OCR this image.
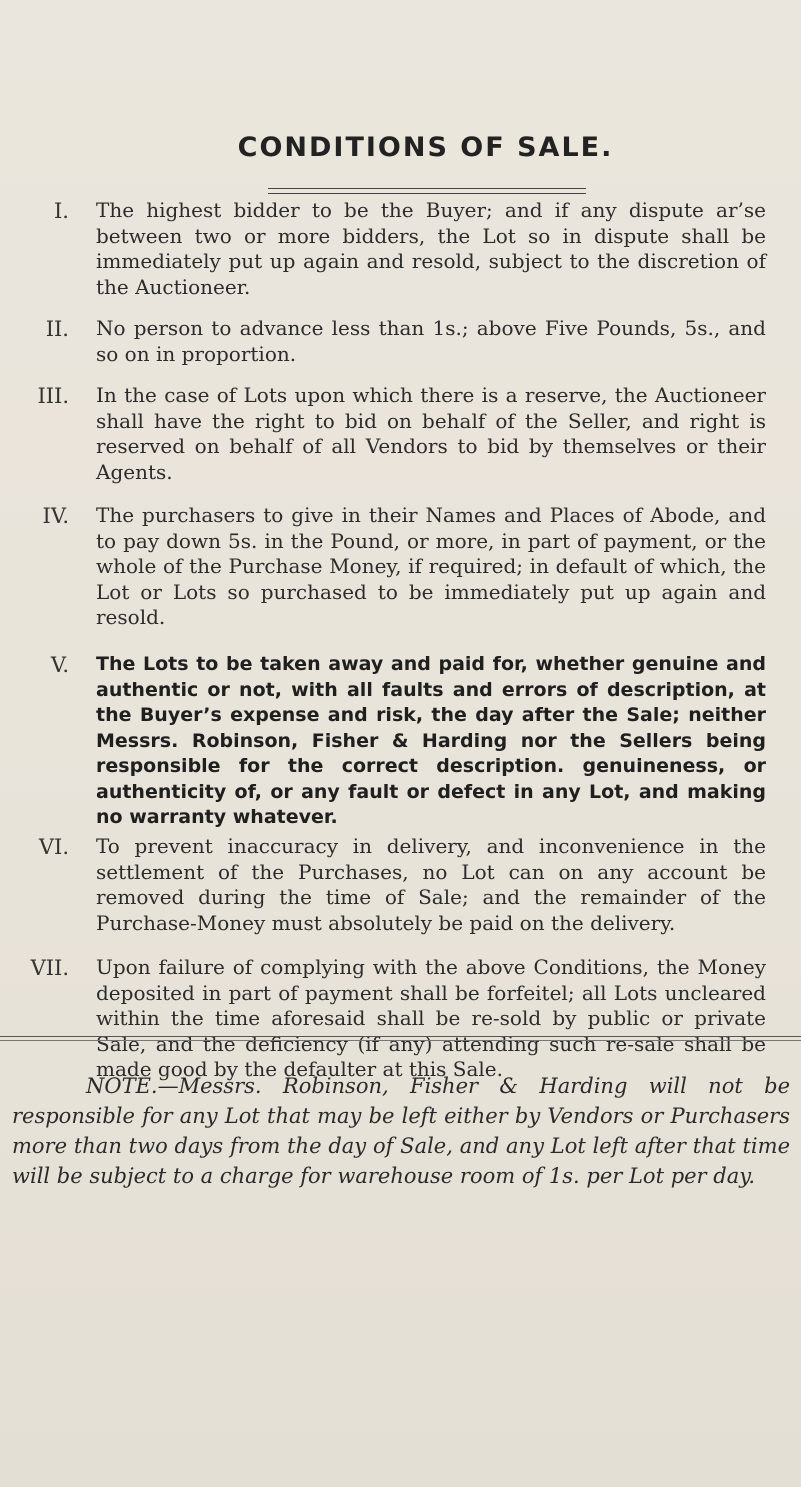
CONDITIONS OF SALE.
I. The highest bidder to be the Buyer; and if any dispute ar’se between two or more bidders, the Lot so in dispute shall be immediately put up again and resold, subject to the discretion of the Auctioneer.
II. No person to advance less than 1s.; above Five Pounds, 5s., and so on in proportion.
III. In the case of Lots upon which there is a reserve, the Auctioneer shall have the right to bid on behalf of the Seller, and right is reserved on behalf of all Vendors to bid by themselves or their Agents.
IV. The purchasers to give in their Names and Places of Abode, and to pay down 5s. in the Pound, or more, in part of payment, or the whole of the Purchase Money, if required; in default of which, the Lot or Lots so purchased to be immediately put up again and resold.
V. The Lots to be taken away and paid for, whether genuine and authentic or not, with all faults and errors of description, at the Buyer’s expense and risk, the day after the Sale; neither Messrs. Robinson, Fisher & Harding nor the Sellers being responsible for the correct description. genuineness, or authenticity of, or any fault or defect in any Lot, and making no warranty whatever.
VI. To prevent inaccuracy in delivery, and inconvenience in the settlement of the Purchases, no Lot can on any account be removed during the time of Sale; and the remainder of the Purchase-Money must absolutely be paid on the delivery.
VII. Upon failure of complying with the above Conditions, the Money deposited in part of payment shall be forfeitel; all Lots uncleared within the time aforesaid shall be re-sold by public or private Sale, and the deficiency (if any) attending such re-sale shall be made good by the defaulter at this Sale.

NOTE.—Messrs. Robinson, Fisher & Harding will not be responsible for any Lot that may be left either by Vendors or Purchasers more than two days from the day of Sale, and any Lot left after that time will be subject to a charge for warehouse room of 1s. per Lot per day.
